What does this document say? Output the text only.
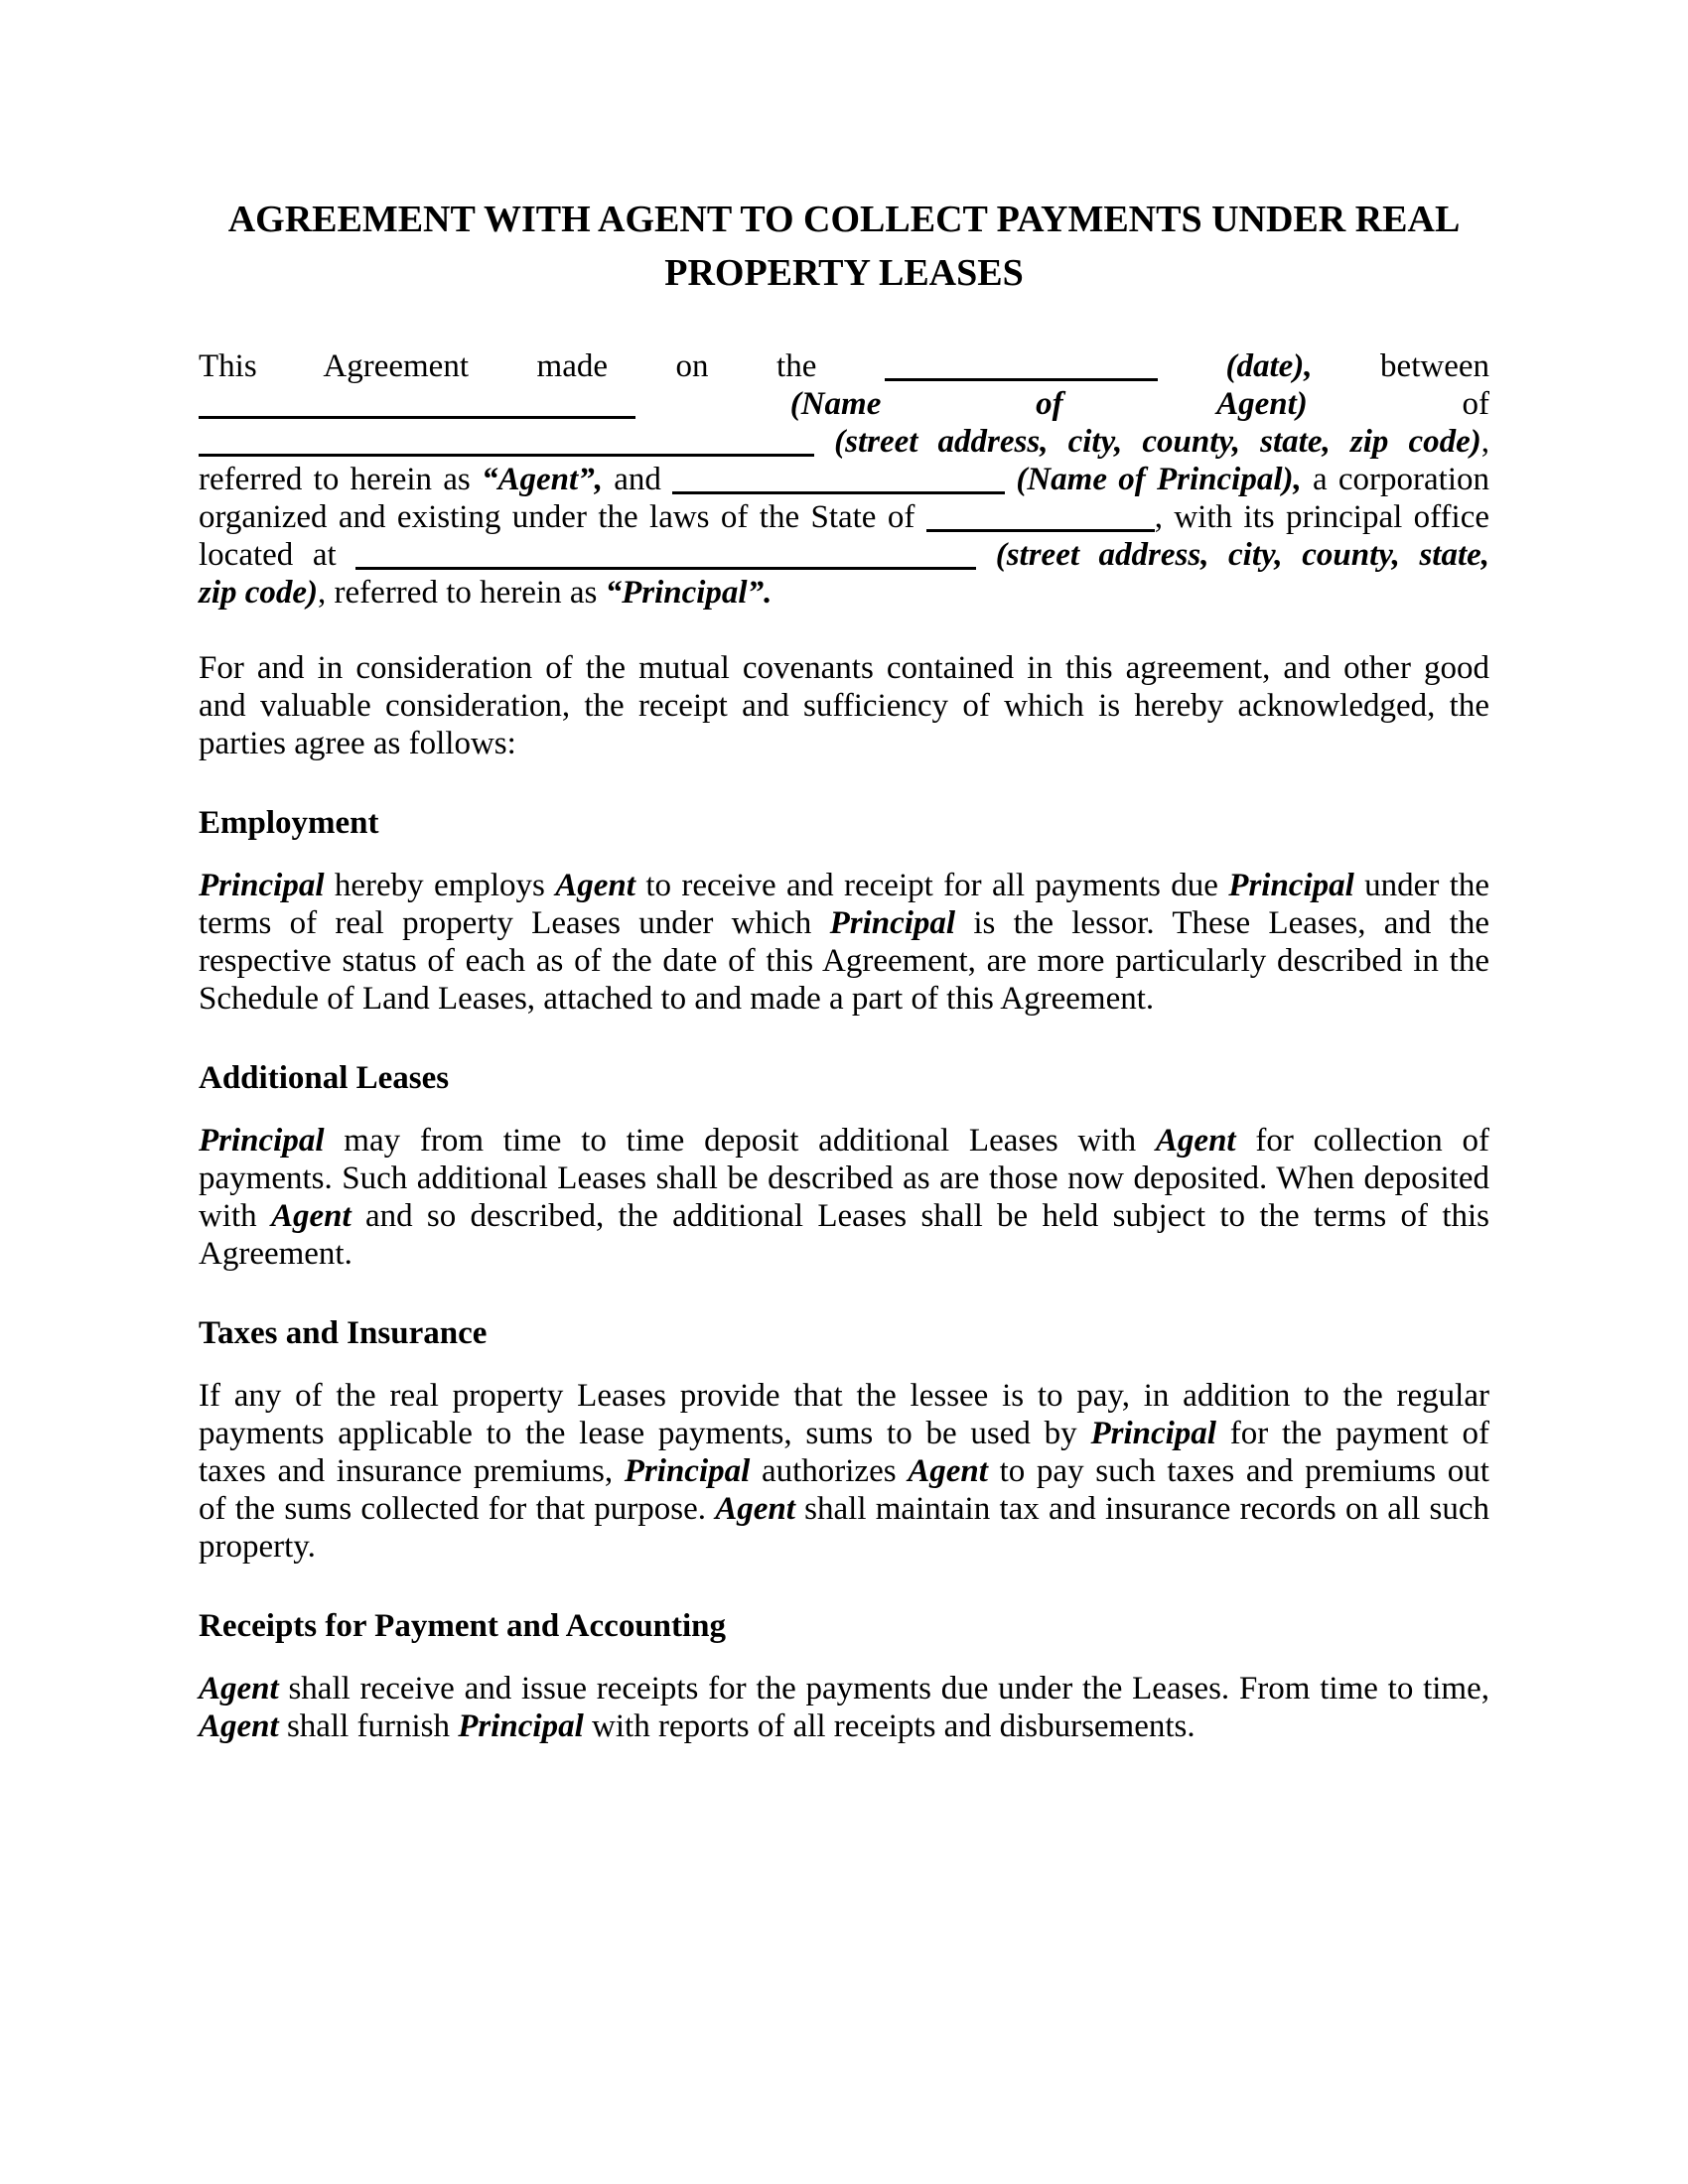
AGREEMENT WITH AGENT TO COLLECT PAYMENTS UNDER REAL
PROPERTY LEASES
This Agreement made on the	(date), between
(Name of Agent) of
(street address, city, county, state, zip code),
referred to herein as “Agent”, and	(Name of Principal), a corporation
organized and existing under the laws of the State of	, with its principal office
located at	(street address, city, county, state,
zip code), referred to herein as “Principal”.
For and in consideration of the mutual covenants contained in this agreement, and other good
and valuable consideration, the receipt and sufficiency of which is hereby acknowledged, the
parties agree as follows:
Employment
Principal hereby employs Agent to receive and receipt for all payments due Principal under the
terms of real property Leases under which Principal is the lessor. These Leases, and the
respective status of each as of the date of this Agreement, are more particularly described in the
Schedule of Land Leases, attached to and made a part of this Agreement.
Additional Leases
Principal may from time to time deposit additional Leases with Agent for collection of
payments. Such additional Leases shall be described as are those now deposited. When deposited
with Agent and so described, the additional Leases shall be held subject to the terms of this
Agreement.
Taxes and Insurance
If any of the real property Leases provide that the lessee is to pay, in addition to the regular
payments applicable to the lease payments, sums to be used by Principal for the payment of
taxes and insurance premiums, Principal authorizes Agent to pay such taxes and premiums out
of the sums collected for that purpose. Agent shall maintain tax and insurance records on all such
property.
Receipts for Payment and Accounting
Agent shall receive and issue receipts for the payments due under the Leases. From time to time,
Agent shall furnish Principal with reports of all receipts and disbursements.
